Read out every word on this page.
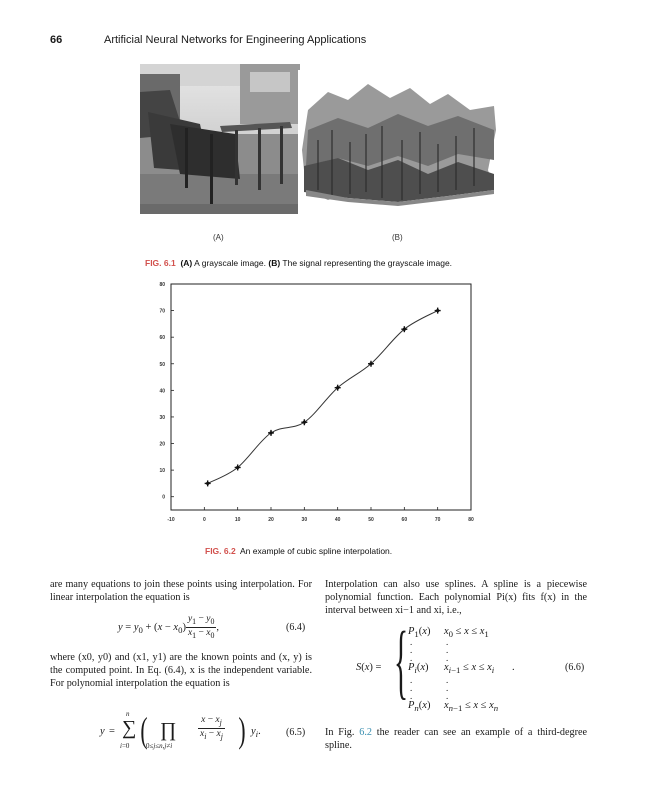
66	Artificial Neural Networks for Engineering Applications
(A)	(B)
FIG. 6.1 (A) A grayscale image. (B) The signal representing the grayscale image.
-10	0	10	20	30	40	50	60	70	80
0
10
20
30
40
50
60
70
80
FIG. 6.2 An example of cubic spline interpolation.
are many equations to join these points using interpolation. For linear interpolation the equation is
$y = y_0 + (x - x_0) \frac{y_1 - y_0}{x_1 - x_0}$ ,	(6.4)
where (x0, y0) and (x1, y1) are the known points and (x, y) is the computed point. In Eq. (6.4), x is the independent variable. For polynomial interpolation the equation is
y =
n
∑
i=0 ( ∏
0≤j≤n,j≠i
$\frac{x - x_j}{x_i - x_j}$ ) $y_i$.	(6.5)
Interpolation can also use splines. A spline is a piecewise polynomial function. Each polynomial Pi(x) fits f(x) in the interval between xi−1 and xi, i.e.,
S(x) = { $P_1(x) x_0 \le x \le x_1$
.
.
.
.
.
.
$P_i(x) x_{i-1} \le x \le x_i$ .
.
.
.
.
.
.
$P_n(x) x_{n-1} \le x \le x_n$
(6.6)
In Fig. 6.2 the reader can see an example of a third-degree spline.
